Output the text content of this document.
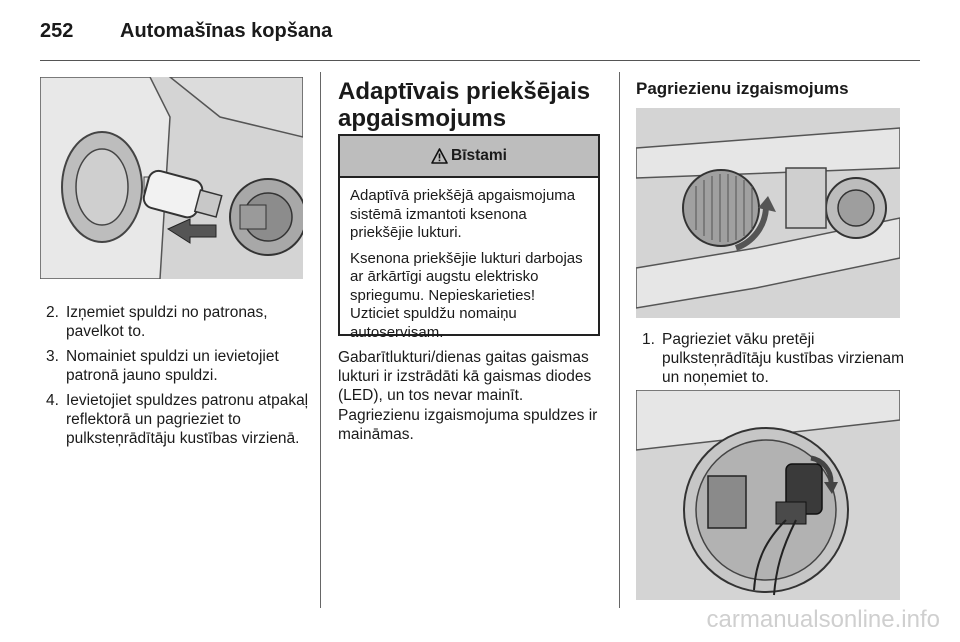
252 Automašīnas kopšana
2. Izņemiet spuldzi no patronas, pavelkot to.
3. Nomainiet spuldzi un ievietojiet patronā jauno spuldzi.
4. Ievietojiet spuldzes patronu atpakaļ reflektorā un pagrieziet to pulksteņrādītāju kustības virzienā.
Adaptīvais priekšējais apgaismojums
Bīstami

Adaptīvā priekšējā apgaismojuma sistēmā izmantoti ksenona priekšējie lukturi.

Ksenona priekšējie lukturi darbojas ar ārkārtīgi augstu elektrisko spriegumu. Nepieskarieties! Uzticiet spuldžu nomaiņu autoservisam.

Gabarītlukturi/dienas gaitas gaismas lukturi ir izstrādāti kā gaismas diodes (LED), un tos nevar mainīt.

Pagriezienu izgaismojuma spuldzes ir maināmas.

Pagriezienu izgaismojums
1. Pagrieziet vāku pretēji pulksteņrādītāju kustības virzienam un noņemiet to.
carmanualsonline.info
